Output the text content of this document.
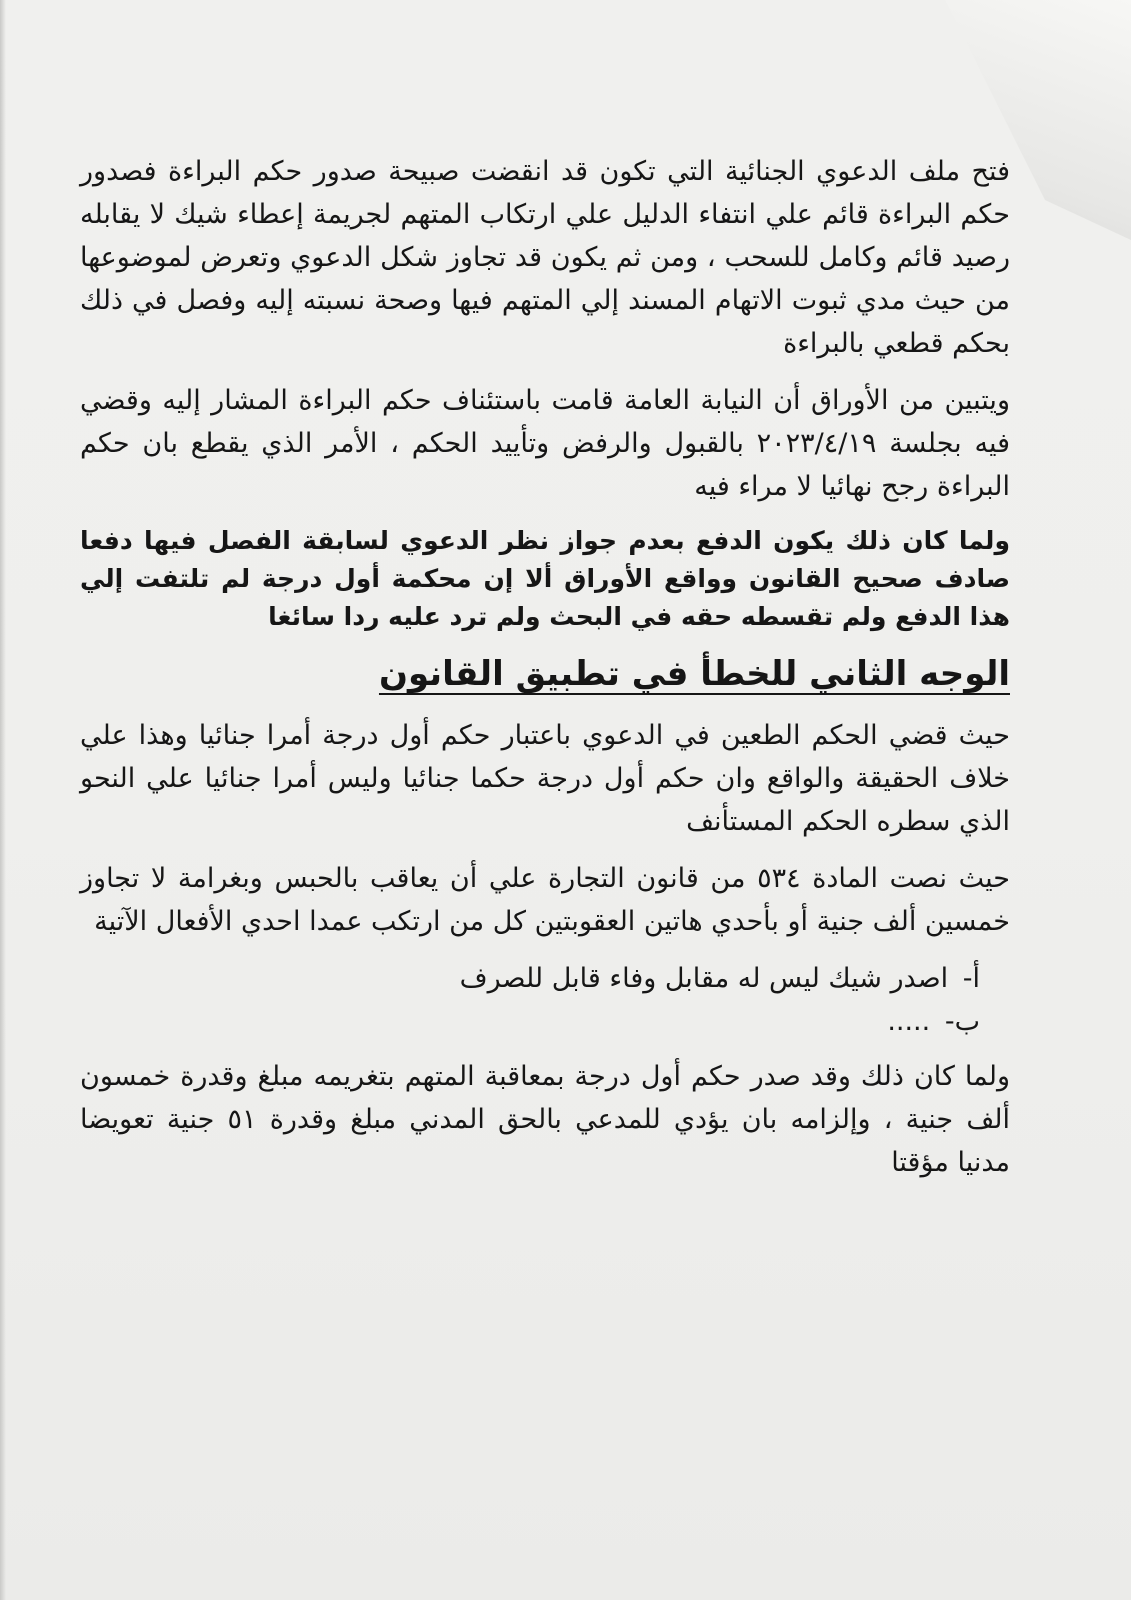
فتح ملف الدعوي الجنائية التي تكون قد انقضت صبيحة صدور حكم البراءة فصدور حكم البراءة قائم علي انتفاء الدليل علي ارتكاب المتهم لجريمة إعطاء شيك لا يقابله رصيد قائم وكامل للسحب ، ومن ثم يكون قد تجاوز شكل الدعوي وتعرض لموضوعها من حيث مدي ثبوت الاتهام المسند إلي المتهم فيها وصحة نسبته إليه وفصل في ذلك بحكم قطعي بالبراءة

ويتبين من الأوراق أن النيابة العامة قامت باستئناف حكم البراءة المشار إليه وقضي فيه بجلسة ٢٠٢٣/٤/١٩ بالقبول والرفض وتأييد الحكم ، الأمر الذي يقطع بان حكم البراءة رجح نهائيا لا مراء فيه

ولما كان ذلك يكون الدفع بعدم جواز نظر الدعوي لسابقة الفصل فيها دفعا صادف صحيح القانون وواقع الأوراق ألا إن محكمة أول درجة لم تلتفت إلي هذا الدفع ولم تقسطه حقه في البحث ولم ترد عليه ردا سائغا

الوجه الثاني للخطأ في تطبيق القانون

حيث قضي الحكم الطعين في الدعوي باعتبار حكم أول درجة أمرا جنائيا وهذا علي خلاف الحقيقة والواقع وان حكم أول درجة حكما جنائيا وليس أمرا جنائيا علي النحو الذي سطره الحكم المستأنف

حيث نصت المادة ٥٣٤ من قانون التجارة علي أن يعاقب بالحبس وبغرامة لا تجاوز خمسين ألف جنية أو بأحدي هاتين العقوبتين كل من ارتكب عمدا احدي الأفعال الآتية

أ- اصدر شيك ليس له مقابل وفاء قابل للصرف
ب- .....

ولما كان ذلك وقد صدر حكم أول درجة بمعاقبة المتهم بتغريمه مبلغ وقدرة خمسون ألف جنية ، وإلزامه بان يؤدي للمدعي بالحق المدني مبلغ وقدرة ٥١ جنية تعويضا مدنيا مؤقتا
